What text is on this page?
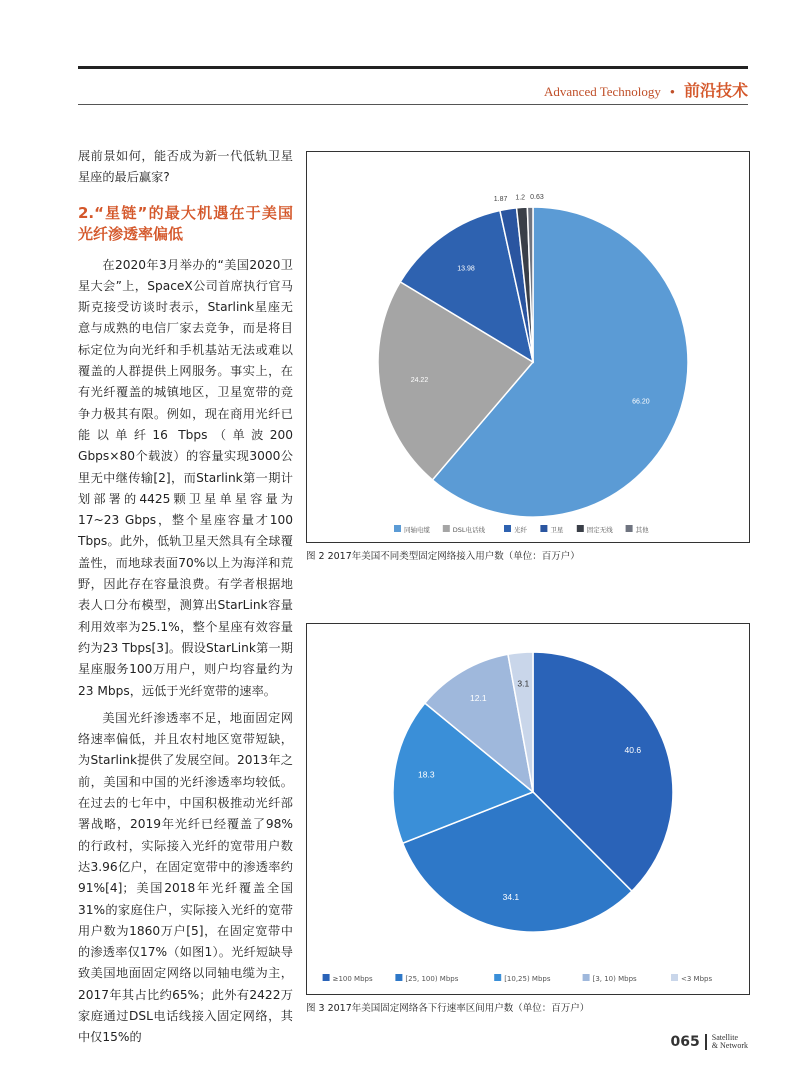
Advanced Technology • 前沿技术

展前景如何，能否成为新一代低轨卫星星座的最后赢家?

2.“星链”的最大机遇在于美国光纤渗透率偏低

在2020年3月举办的“美国2020卫星大会”上，SpaceX公司首席执行官马斯克接受访谈时表示，Starlink星座无意与成熟的电信厂家去竞争，而是将目标定位为向光纤和手机基站无法或难以覆盖的人群提供上网服务。事实上，在有光纤覆盖的城镇地区，卫星宽带的竞争力极其有限。例如，现在商用光纤已能以单纤16 Tbps（单波200 Gbps×80个载波）的容量实现3000公里无中继传输[2]，而Starlink第一期计划部署的4425颗卫星单星容量为17~23 Gbps，整个星座容量才100 Tbps。此外，低轨卫星天然具有全球覆盖性，而地球表面70%以上为海洋和荒野，因此存在容量浪费。有学者根据地表人口分布模型，测算出StarLink容量利用效率为25.1%，整个星座有效容量约为23 Tbps[3]。假设StarLink第一期星座服务100万用户，则户均容量约为23 Mbps，远低于光纤宽带的速率。

美国光纤渗透率不足，地面固定网络速率偏低，并且农村地区宽带短缺，为Starlink提供了发展空间。2013年之前，美国和中国的光纤渗透率均较低。在过去的七年中，中国积极推动光纤部署战略，2019年光纤已经覆盖了98%的行政村，实际接入光纤的宽带用户数达3.96亿户，在固定宽带中的渗透率约91%[4]；美国2018年光纤覆盖全国31%的家庭住户，实际接入光纤的宽带用户数为1860万户[5]，在固定宽带中的渗透率仅17%（如图1）。光纤短缺导致美国地面固定网络以同轴电缆为主，2017年其占比约65%；此外有2422万家庭通过DSL电话线接入固定网络，其中仅15%的

66.20
24.22
13.98
1.87 1.2 0.63
同轴电缆	DSL电话线	光纤	卫星	固定无线	其他
图 2 2017年美国不同类型固定网络接入用户数（单位：百万户）
40.6
34.1
18.3
12.1
3.1
≥100 Mbps	[25, 100) Mbps	[10,25) Mbps	[3, 10) Mbps	<3 Mbps
图 3 2017年美国固定网络各下行速率区间用户数（单位：百万户）
065 Satellite
& Network
